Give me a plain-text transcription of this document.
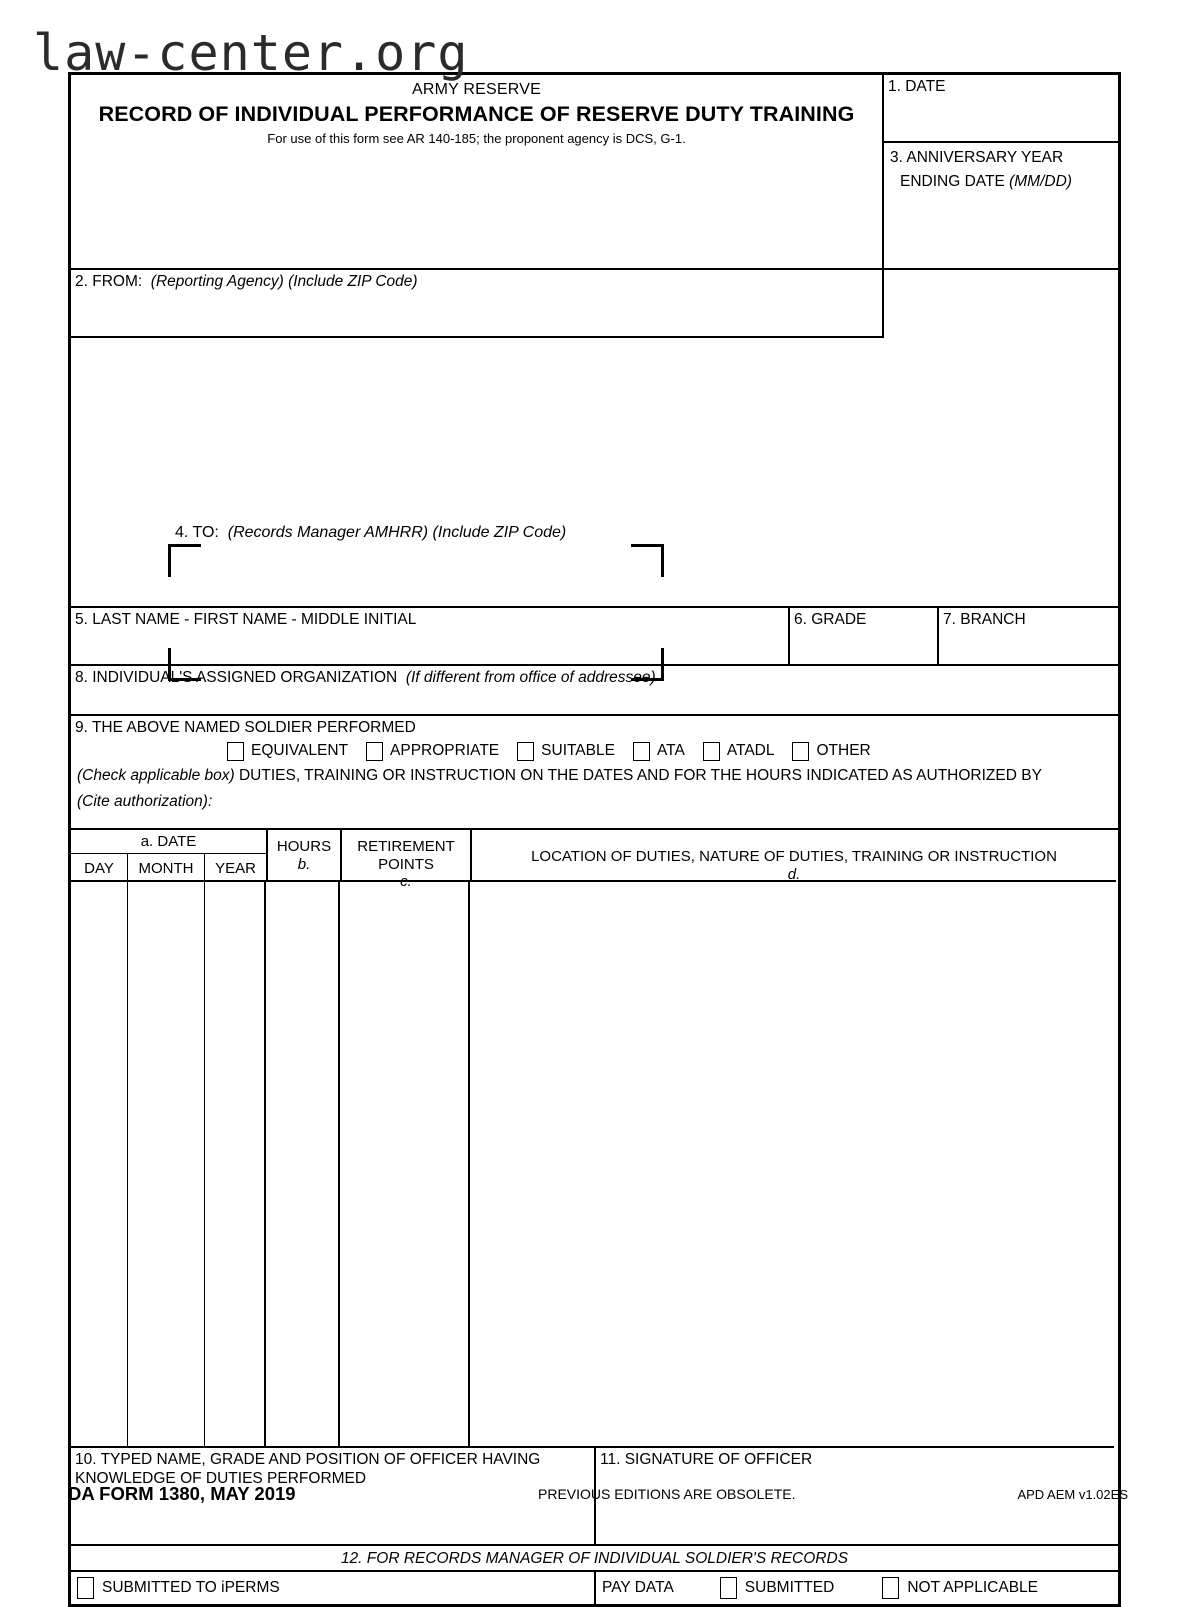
law-center.org
ARMY RESERVE
RECORD OF INDIVIDUAL PERFORMANCE OF RESERVE DUTY TRAINING
For use of this form see AR 140-185; the proponent agency is DCS, G-1.
1. DATE
3. ANNIVERSARY YEAR
ENDING DATE (MM/DD)
2. FROM: (Reporting Agency) (Include ZIP Code)
4. TO: (Records Manager AMHRR) (Include ZIP Code)
5. LAST NAME - FIRST NAME - MIDDLE INITIAL	6. GRADE	7. BRANCH
8. INDIVIDUAL'S ASSIGNED ORGANIZATION (If different from office of addressee)
9. THE ABOVE NAMED SOLDIER PERFORMED
EQUIVALENT	APPROPRIATE	SUITABLE	ATA	ATADL	OTHER
(Check applicable box) DUTIES, TRAINING OR INSTRUCTION ON THE DATES AND FOR THE HOURS INDICATED AS AUTHORIZED BY
(Cite authorization):
a. DATE
DAY	MONTH	YEAR
HOURS
b.
RETIREMENT
POINTS
c.
LOCATION OF DUTIES, NATURE OF DUTIES, TRAINING OR INSTRUCTION
d.
10. TYPED NAME, GRADE AND POSITION OF OFFICER HAVING
KNOWLEDGE OF DUTIES PERFORMED
11. SIGNATURE OF OFFICER
12. FOR RECORDS MANAGER OF INDIVIDUAL SOLDIER'S RECORDS
SUBMITTED TO iPERMS	PAY DATA	SUBMITTED	NOT APPLICABLE
DA FORM 1380, MAY 2019	PREVIOUS EDITIONS ARE OBSOLETE.	APD AEM v1.02ES
